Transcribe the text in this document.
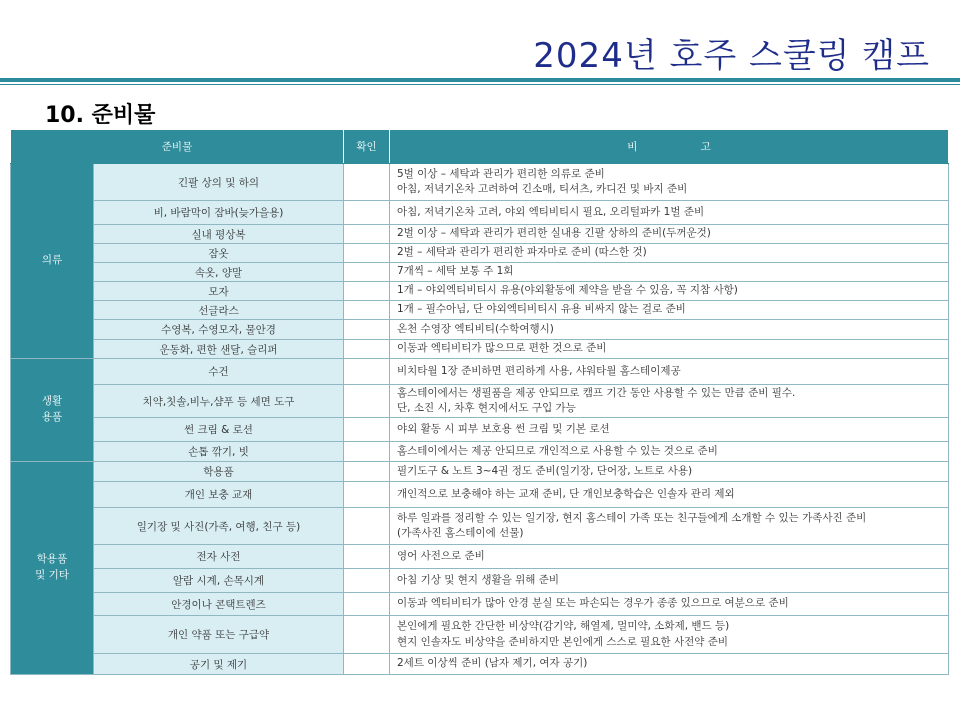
2024년 호주 스쿨링 캠프
10. 준비물
준비물		확인	비 고
의류	긴팔 상의 및 하의		5벌 이상 – 세탁과 관리가 편리한 의류로 준비
아침, 저녁기온차 고려하여 긴소매, 티셔츠, 카디건 및 바지 준비
	비, 바람막이 잠바(늦가을용)		아침, 저녁기온차 고려, 야외 엑티비티시 필요, 오리털파카 1벌 준비
	실내 평상복		2벌 이상 – 세탁과 관리가 편리한 실내용 긴팔 상하의 준비(두꺼운것)
	잠옷		2벌 – 세탁과 관리가 편리한 파자마로 준비 (따스한 것)
	속옷, 양말		7개씩 – 세탁 보통 주 1회
	모자		1개 – 야외엑티비티시 유용(야외활동에 제약을 받을 수 있음, 꼭 지참 사항)
	선글라스		1개 – 필수아님, 단 야외엑티비티시 유용 비싸지 않는 걸로 준비
	수영복, 수영모자, 물안경		온천 수영장 엑티비티(수학여행시)
	운동화, 편한 샌달, 슬리퍼		이동과 엑티비티가 많으므로 편한 것으로 준비
생활
용품	수건		비치타월 1장 준비하면 편리하게 사용, 샤워타월 홈스테이제공
	치약,칫솔,비누,샴푸 등 세면 도구		홈스테이에서는 생필품을 제공 안되므로 캠프 기간 동안 사용할 수 있는 만큼 준비 필수.
단, 소진 시, 차후 현지에서도 구입 가능
	썬 크림 & 로션		야외 활동 시 피부 보호용 썬 크림 및 기본 로션
	손톱 깎기, 빗		홈스테이에서는 제공 안되므로 개인적으로 사용할 수 있는 것으로 준비
학용품
및 기타	학용품		필기도구 & 노트 3~4권 정도 준비(일기장, 단어장, 노트로 사용)
	개인 보충 교재		개인적으로 보충해야 하는 교재 준비, 단 개인보충학습은 인솔자 관리 제외
	일기장 및 사진(가족, 여행, 친구 등)		하루 일과를 정리할 수 있는 일기장, 현지 홈스테이 가족 또는 친구들에게 소개할 수 있는 가족사진 준비
(가족사진 홈스테이에 선물)
	전자 사전		영어 사전으로 준비
	알람 시계, 손목시계		아침 기상 및 현지 생활을 위해 준비
	안경이나 콘택트렌즈		이동과 엑티비티가 많아 안경 분실 또는 파손되는 경우가 종종 있으므로 여분으로 준비
	개인 약품 또는 구급약		본인에게 필요한 간단한 비상약(감기약, 해열제, 멀미약, 소화제, 밴드 등)
현지 인솔자도 비상약을 준비하지만 본인에게 스스로 필요한 사전약 준비
	공기 및 제기		2세트 이상씩 준비 (남자 제기, 여자 공기)
